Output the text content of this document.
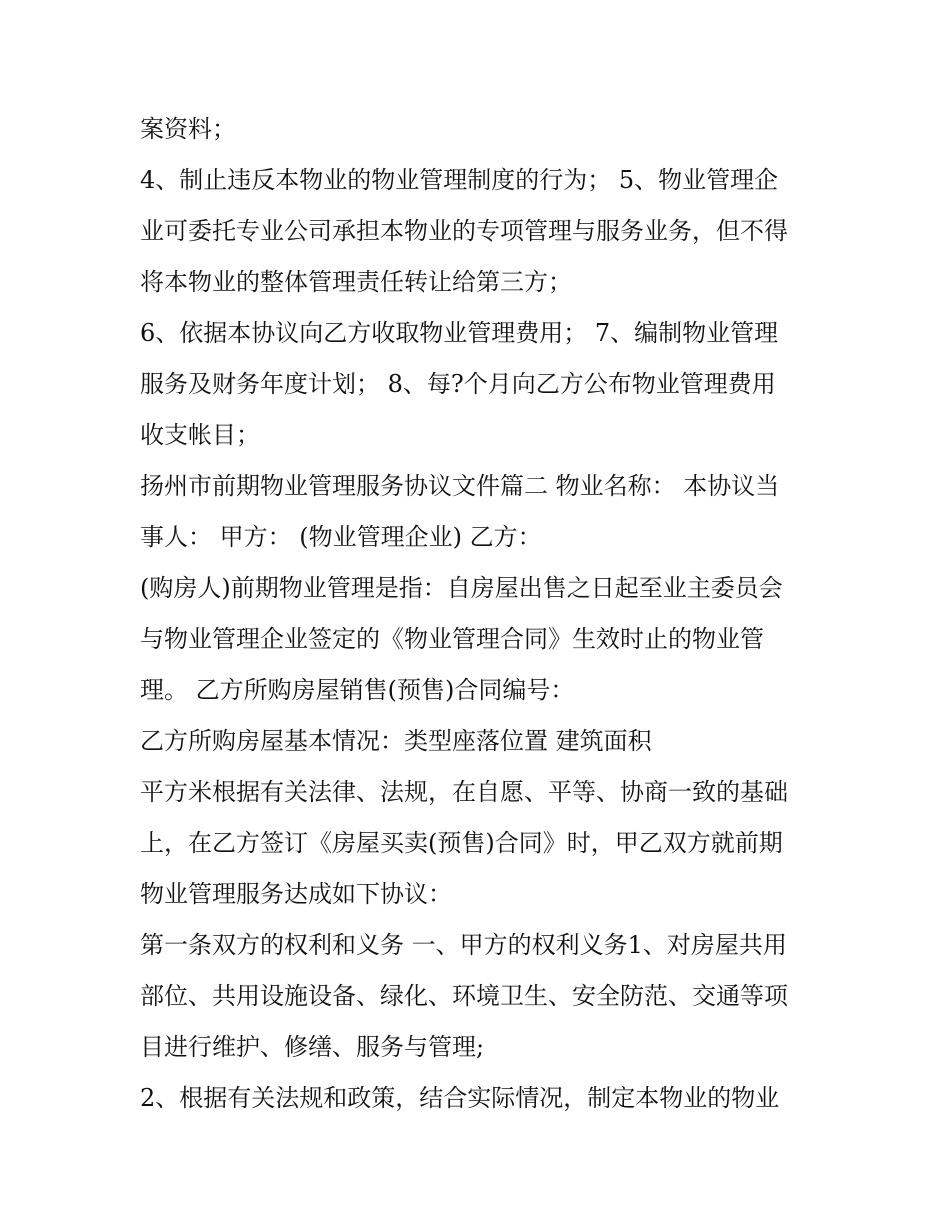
案资料；
4、制止违反本物业的物业管理制度的行为； 5、物业管理企
业可委托专业公司承担本物业的专项管理与服务业务，但不得
将本物业的整体管理责任转让给第三方；
6、依据本协议向乙方收取物业管理费用； 7、编制物业管理
服务及财务年度计划； 8、每?个月向乙方公布物业管理费用
收支帐目；
扬州市前期物业管理服务协议文件篇二 物业名称： 本协议当
事人： 甲方： (物业管理企业) 乙方：
(购房人)前期物业管理是指：自房屋出售之日起至业主委员会
与物业管理企业签定的《物业管理合同》生效时止的物业管
理。 乙方所购房屋销售(预售)合同编号：
乙方所购房屋基本情况：类型座落位置 建筑面积
平方米根据有关法律、法规，在自愿、平等、协商一致的基础
上，在乙方签订《房屋买卖(预售)合同》时，甲乙双方就前期
物业管理服务达成如下协议：
第一条双方的权利和义务 一、甲方的权利义务1、对房屋共用
部位、共用设施设备、绿化、环境卫生、安全防范、交通等项
目进行维护、修缮、服务与管理;
2、根据有关法规和政策，结合实际情况，制定本物业的物业
